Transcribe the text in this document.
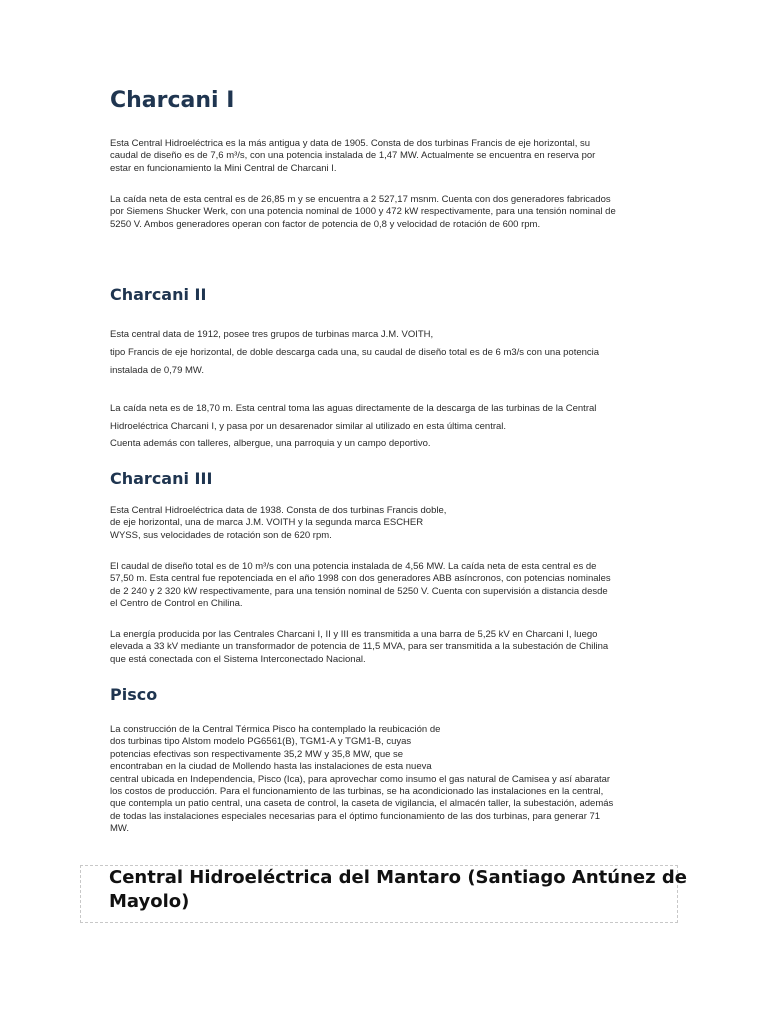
Charcani I

Esta Central Hidroeléctrica es la más antigua y data de 1905. Consta de dos turbinas Francis de eje horizontal, su
caudal de diseño es de 7,6 m³/s, con una potencia instalada de 1,47 MW. Actualmente se encuentra en reserva por
estar en funcionamiento la Mini Central de Charcani I.

La caída neta de esta central es de 26,85 m y se encuentra a 2 527,17 msnm. Cuenta con dos generadores fabricados
por Siemens Shucker Werk, con una potencia nominal de 1000 y 472 kW respectivamente, para una tensión nominal de
5250 V. Ambos generadores operan con factor de potencia de 0,8 y velocidad de rotación de 600 rpm.

Charcani II

Esta central data de 1912, posee tres grupos de turbinas marca J.M. VOITH,
tipo Francis de eje horizontal, de doble descarga cada una, su caudal de diseño total es de 6 m3/s con una potencia
instalada de 0,79 MW.

La caída neta es de 18,70 m. Esta central toma las aguas directamente de la descarga de las turbinas de la Central
Hidroeléctrica Charcani I, y pasa por un desarenador similar al utilizado en esta última central.

Cuenta además con talleres, albergue, una parroquia y un campo deportivo.

Charcani III

Esta Central Hidroeléctrica data de 1938. Consta de dos turbinas Francis doble,
de eje horizontal, una de marca J.M. VOITH y la segunda marca ESCHER
WYSS, sus velocidades de rotación son de 620 rpm.

El caudal de diseño total es de 10 m³/s con una potencia instalada de 4,56 MW. La caída neta de esta central es de
57,50 m. Esta central fue repotenciada en el año 1998 con dos generadores ABB asíncronos, con potencias nominales
de 2 240 y 2 320 kW respectivamente, para una tensión nominal de 5250 V. Cuenta con supervisión a distancia desde
el Centro de Control en Chilina.

La energía producida por las Centrales Charcani I, II y III es transmitida a una barra de 5,25 kV en Charcani I, luego
elevada a 33 kV mediante un transformador de potencia de 11,5 MVA, para ser transmitida a la subestación de Chilina
que está conectada con el Sistema Interconectado Nacional.

Pisco

La construcción de la Central Térmica Pisco ha contemplado la reubicación de
dos turbinas tipo Alstom modelo PG6561(B), TGM1-A y TGM1-B, cuyas
potencias efectivas son respectivamente 35,2 MW y 35,8 MW, que se
encontraban en la ciudad de Mollendo hasta las instalaciones de esta nueva
central ubicada en Independencia, Pisco (Ica), para aprovechar como insumo el gas natural de Camisea y así abaratar
los costos de producción. Para el funcionamiento de las turbinas, se ha acondicionado las instalaciones en la central,
que contempla un patio central, una caseta de control, la caseta de vigilancia, el almacén taller, la subestación, además
de todas las instalaciones especiales necesarias para el óptimo funcionamiento de las dos turbinas, para generar 71
MW.

Central Hidroeléctrica del Mantaro (Santiago Antúnez de
Mayolo)
